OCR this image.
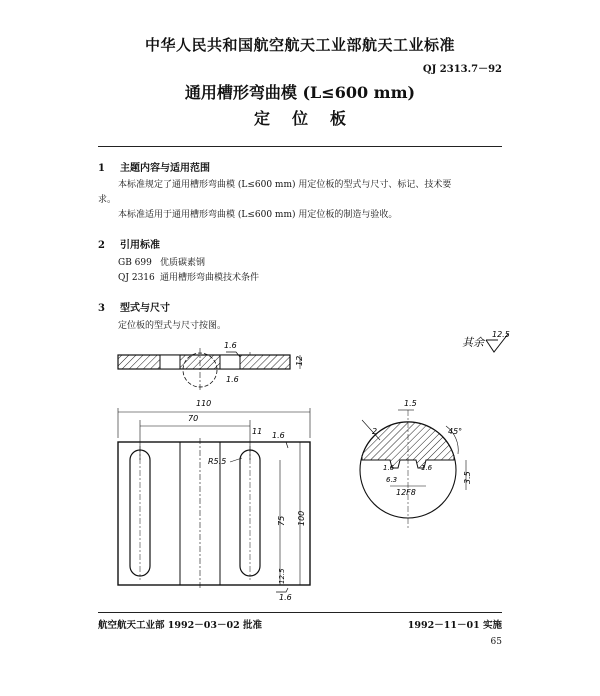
中华人民共和国航空航天工业部航天工业标准
QJ 2313.7－92
通用槽形弯曲模 (L≤600 mm)
定位板
1 主题内容与适用范围
本标准规定了通用槽形弯曲模 (L≤600 mm) 用定位板的型式与尺寸、标记、技术要
求。
本标准适用于通用槽形弯曲模 (L≤600 mm) 用定位板的制造与验收。
2 引用标准
GB 699 优质碳素钢
QJ 2316 通用槽形弯曲模技术条件
3 型式与尺寸
定位板的型式与尺寸按图。
其余
12.5
1.6
1.6
12
110
70
11
R5.5
1.6
75 100
12.5
1.6
1.5
2	45°
3.5
12F8
1.6	1.6
6.3
航空航天工业部 1992－03－02 批准	1992－11－01 实施
65
